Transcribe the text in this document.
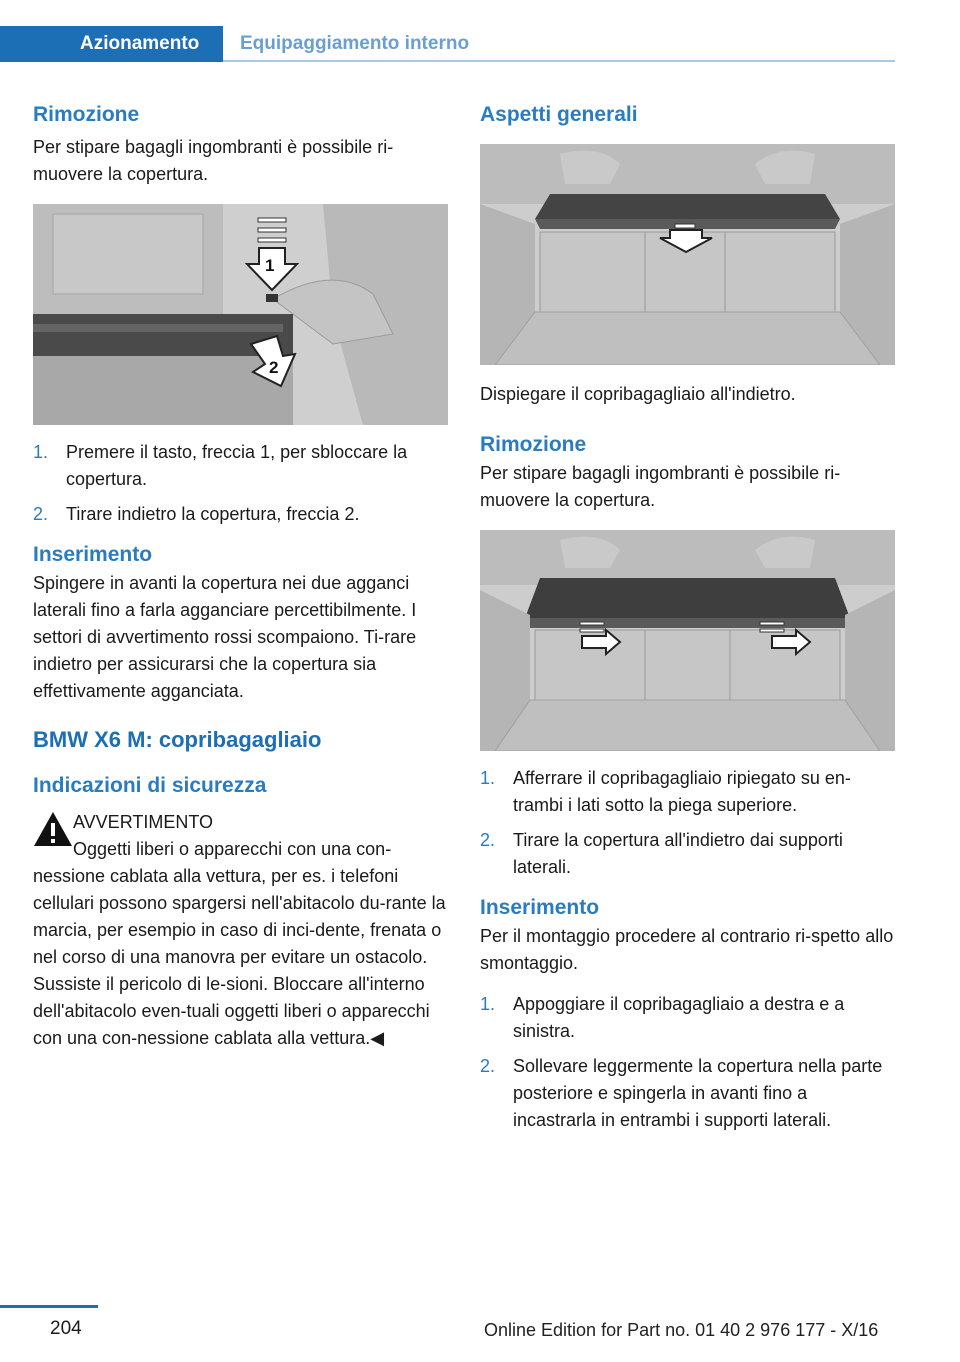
Azionamento	Equipaggiamento interno
Rimozione
Per stipare bagagli ingombranti è possibile ri-muovere la copertura.
1
2
1. Premere il tasto, freccia 1, per sbloccare la copertura.
2. Tirare indietro la copertura, freccia 2.
Inserimento
Spingere in avanti la copertura nei due agganci laterali fino a farla agganciare percettibilmente. I settori di avvertimento rossi scompaiono. Ti-rare indietro per assicurarsi che la copertura sia effettivamente agganciata.
BMW X6 M: copribagagliaio
Indicazioni di sicurezza
AVVERTIMENTO
Oggetti liberi o apparecchi con una con-nessione cablata alla vettura, per es. i telefoni cellulari possono spargersi nell'abitacolo du-rante la marcia, per esempio in caso di inci-dente, frenata o nel corso di una manovra per evitare un ostacolo. Sussiste il pericolo di le-sioni. Bloccare all'interno dell'abitacolo even-tuali oggetti liberi o apparecchi con una con-nessione cablata alla vettura.◀
Aspetti generali
Dispiegare il copribagagliaio all'indietro.
Rimozione
Per stipare bagagli ingombranti è possibile ri-muovere la copertura.
1. Afferrare il copribagagliaio ripiegato su en-trambi i lati sotto la piega superiore.
2. Tirare la copertura all'indietro dai supporti laterali.
Inserimento
Per il montaggio procedere al contrario ri-spetto allo smontaggio.
1. Appoggiare il copribagagliaio a destra e a sinistra.
2. Sollevare leggermente la copertura nella parte posteriore e spingerla in avanti fino a incastrarla in entrambi i supporti laterali.
204	Online Edition for Part no. 01 40 2 976 177 - X/16
